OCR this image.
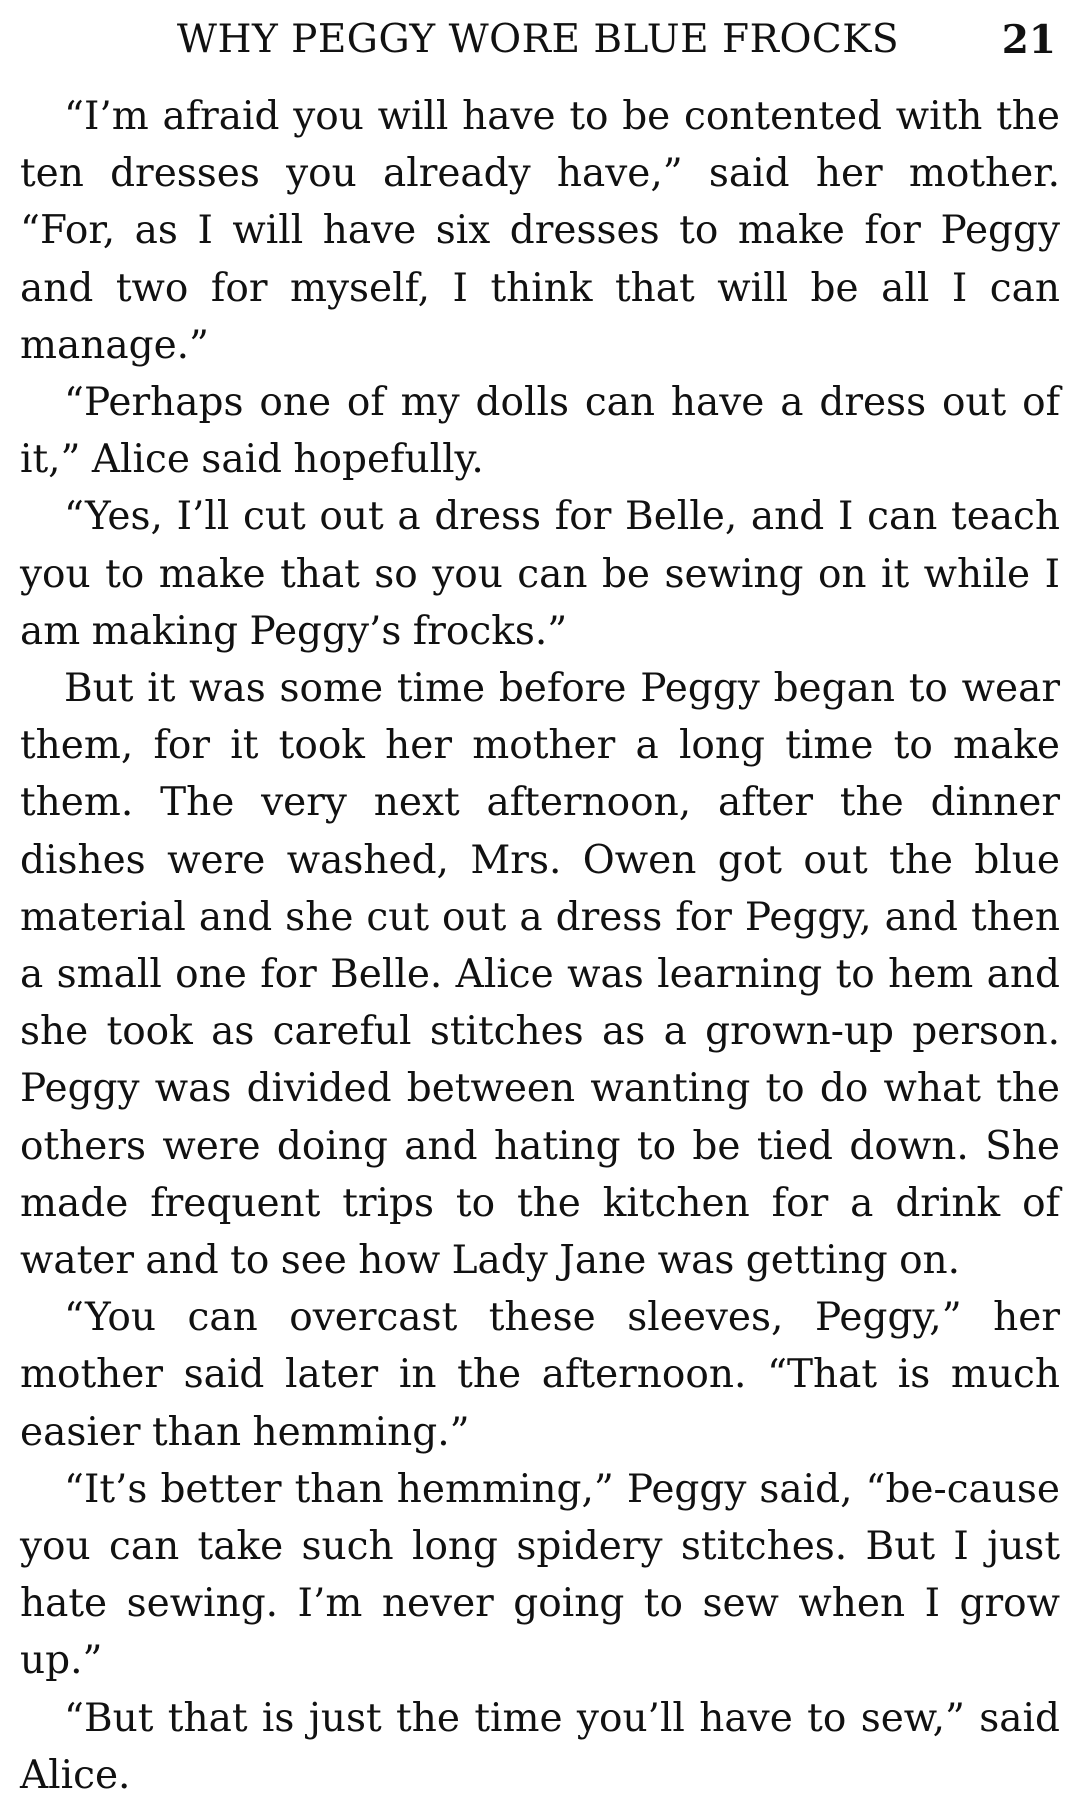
WHY PEGGY WORE BLUE FROCKS	21

“I’m afraid you will have to be contented with the ten dresses you already have,” said her mother. “For, as I will have six dresses to make for Peggy and two for myself, I think that will be all I can manage.”

“Perhaps one of my dolls can have a dress out of it,” Alice said hopefully.

“Yes, I’ll cut out a dress for Belle, and I can teach you to make that so you can be sewing on it while I am making Peggy’s frocks.”

But it was some time before Peggy began to wear them, for it took her mother a long time to make them. The very next afternoon, after the dinner dishes were washed, Mrs. Owen got out the blue material and she cut out a dress for Peggy, and then a small one for Belle. Alice was learning to hem and she took as careful stitches as a grown-up person. Peggy was divided between wanting to do what the others were doing and hating to be tied down. She made frequent trips to the kitchen for a drink of water and to see how Lady Jane was getting on.

“You can overcast these sleeves, Peggy,” her mother said later in the afternoon. “That is much easier than hemming.”

“It’s better than hemming,” Peggy said, “be-cause you can take such long spidery stitches. But I just hate sewing. I’m never going to sew when I grow up.”

“But that is just the time you’ll have to sew,” said Alice.
